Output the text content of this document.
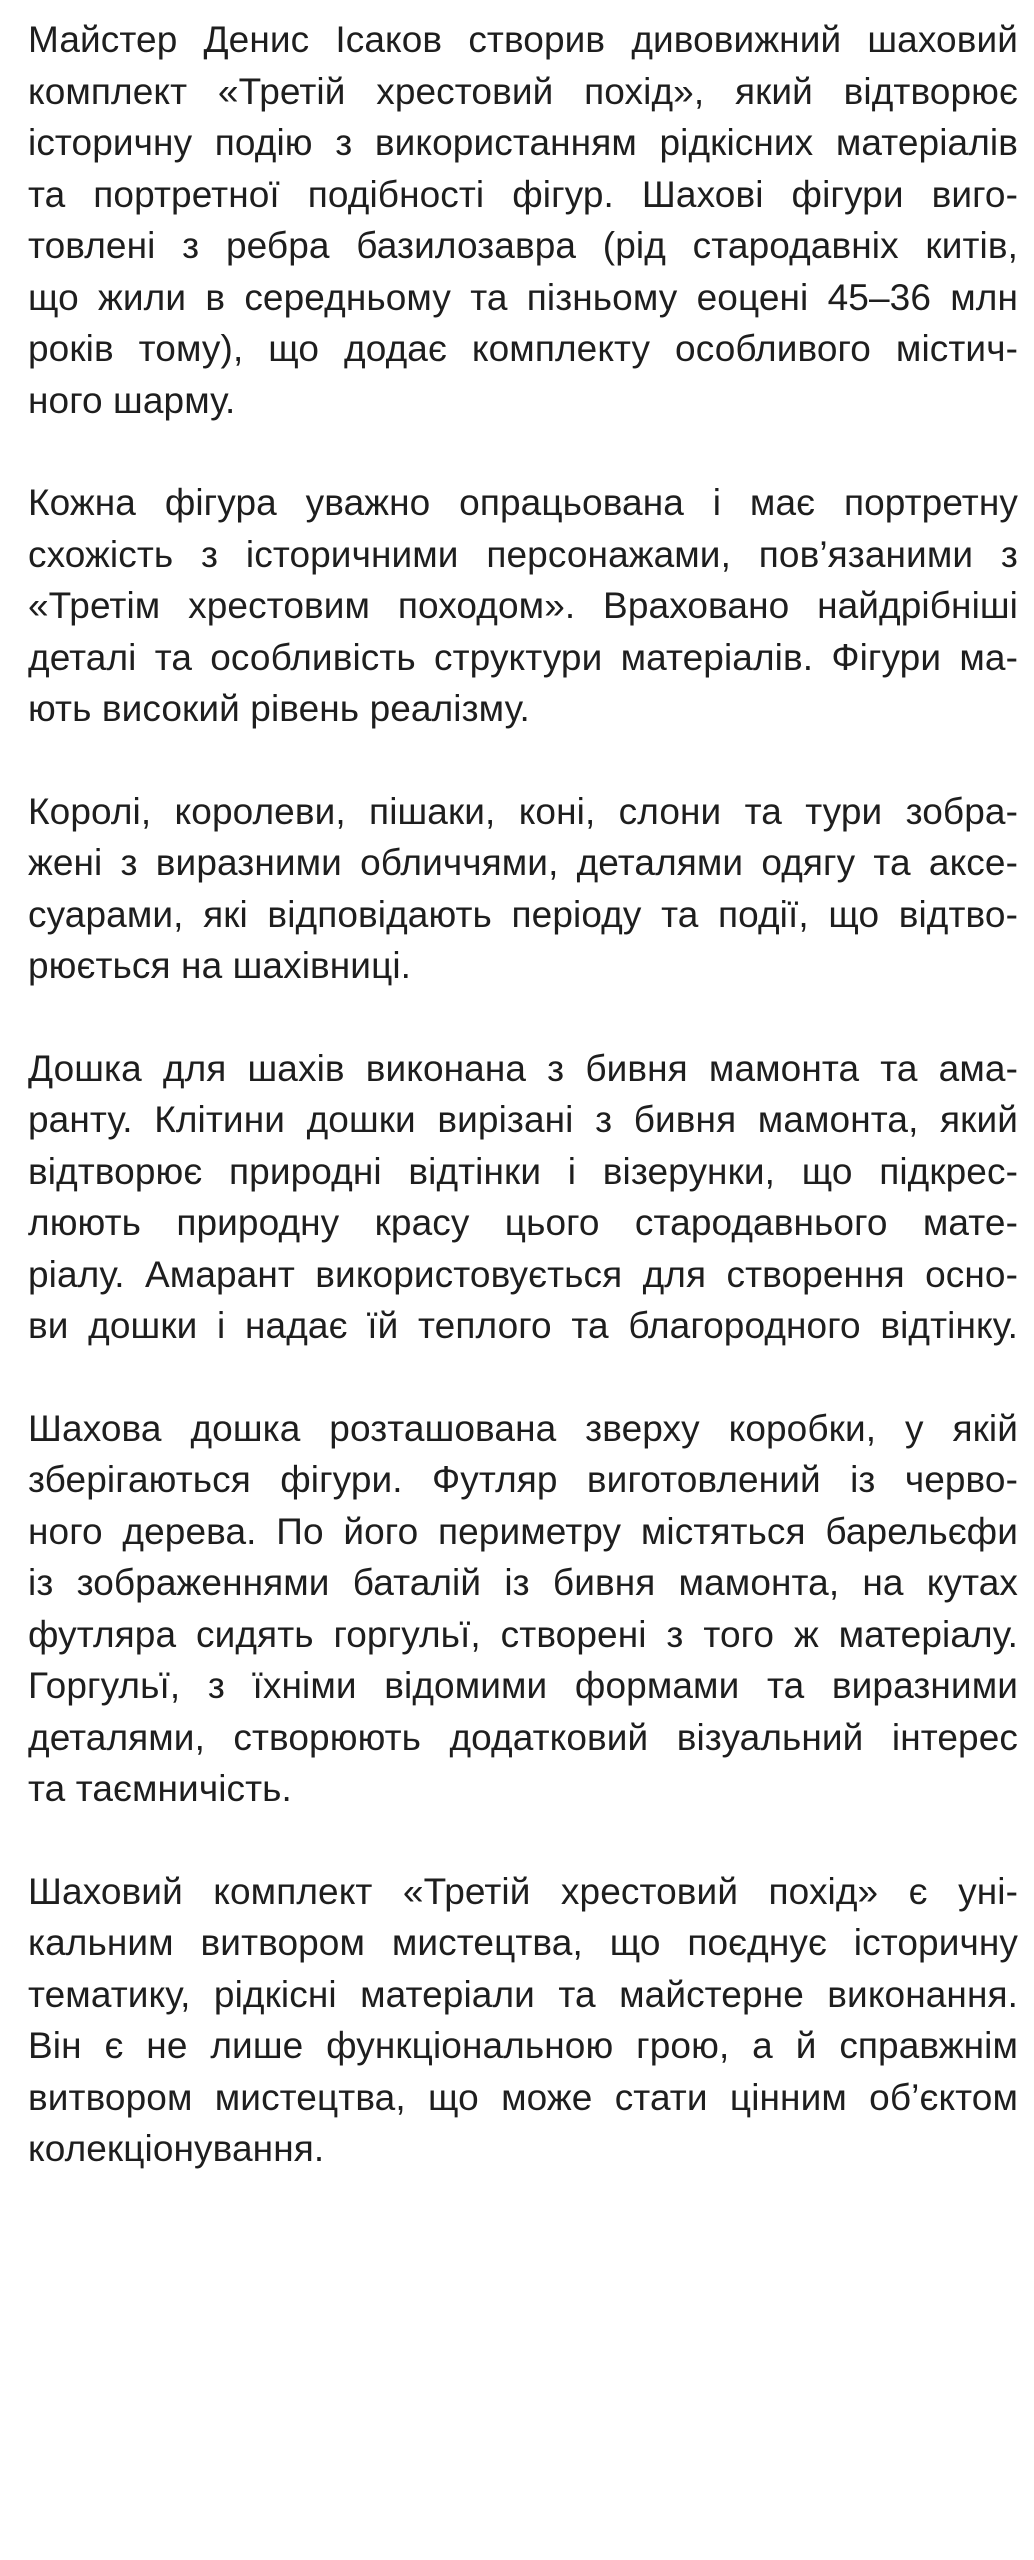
Майстер Денис Ісаков створив дивовижний шаховий
комплект «Третій хрестовий похід», який відтворює
історичну подію з використанням рідкісних матеріалів
та портретної подібності фігур. Шахові фігури виго-
товлені з ребра базилозавра (рід стародавніх китів,
що жили в середньому та пізньому еоцені 45–36 млн
років тому), що додає комплекту особливого містич-
ного шарму.

Кожна фігура уважно опрацьована і має портретну
схожість з історичними персонажами, пов’язаними з
«Третім хрестовим походом». Враховано найдрібніші
деталі та особливість структури матеріалів. Фігури ма-
ють високий рівень реалізму.

Королі, королеви, пішаки, коні, слони та тури зобра-
жені з виразними обличчями, деталями одягу та аксе-
суарами, які відповідають періоду та події, що відтво-
рюється на шахівниці.

Дошка для шахів виконана з бивня мамонта та ама-
ранту. Клітини дошки вирізані з бивня мамонта, який
відтворює природні відтінки і візерунки, що підкрес-
люють природну красу цього стародавнього мате-
ріалу. Амарант використовується для створення осно-
ви дошки і надає їй теплого та благородного відтінку.

Шахова дошка розташована зверху коробки, у якій
зберігаються фігури. Футляр виготовлений із черво-
ного дерева. По його периметру містяться барельєфи
із зображеннями баталій із бивня мамонта, на кутах
футляра сидять горгульї, створені з того ж матеріалу.
Горгульї, з їхніми відомими формами та виразними
деталями, створюють додатковий візуальний інтерес
та таємничість.

Шаховий комплект «Третій хрестовий похід» є уні-
кальним витвором мистецтва, що поєднує історичну
тематику, рідкісні матеріали та майстерне виконання.
Він є не лише функціональною грою, а й справжнім
витвором мистецтва, що може стати цінним об’єктом
колекціонування.
